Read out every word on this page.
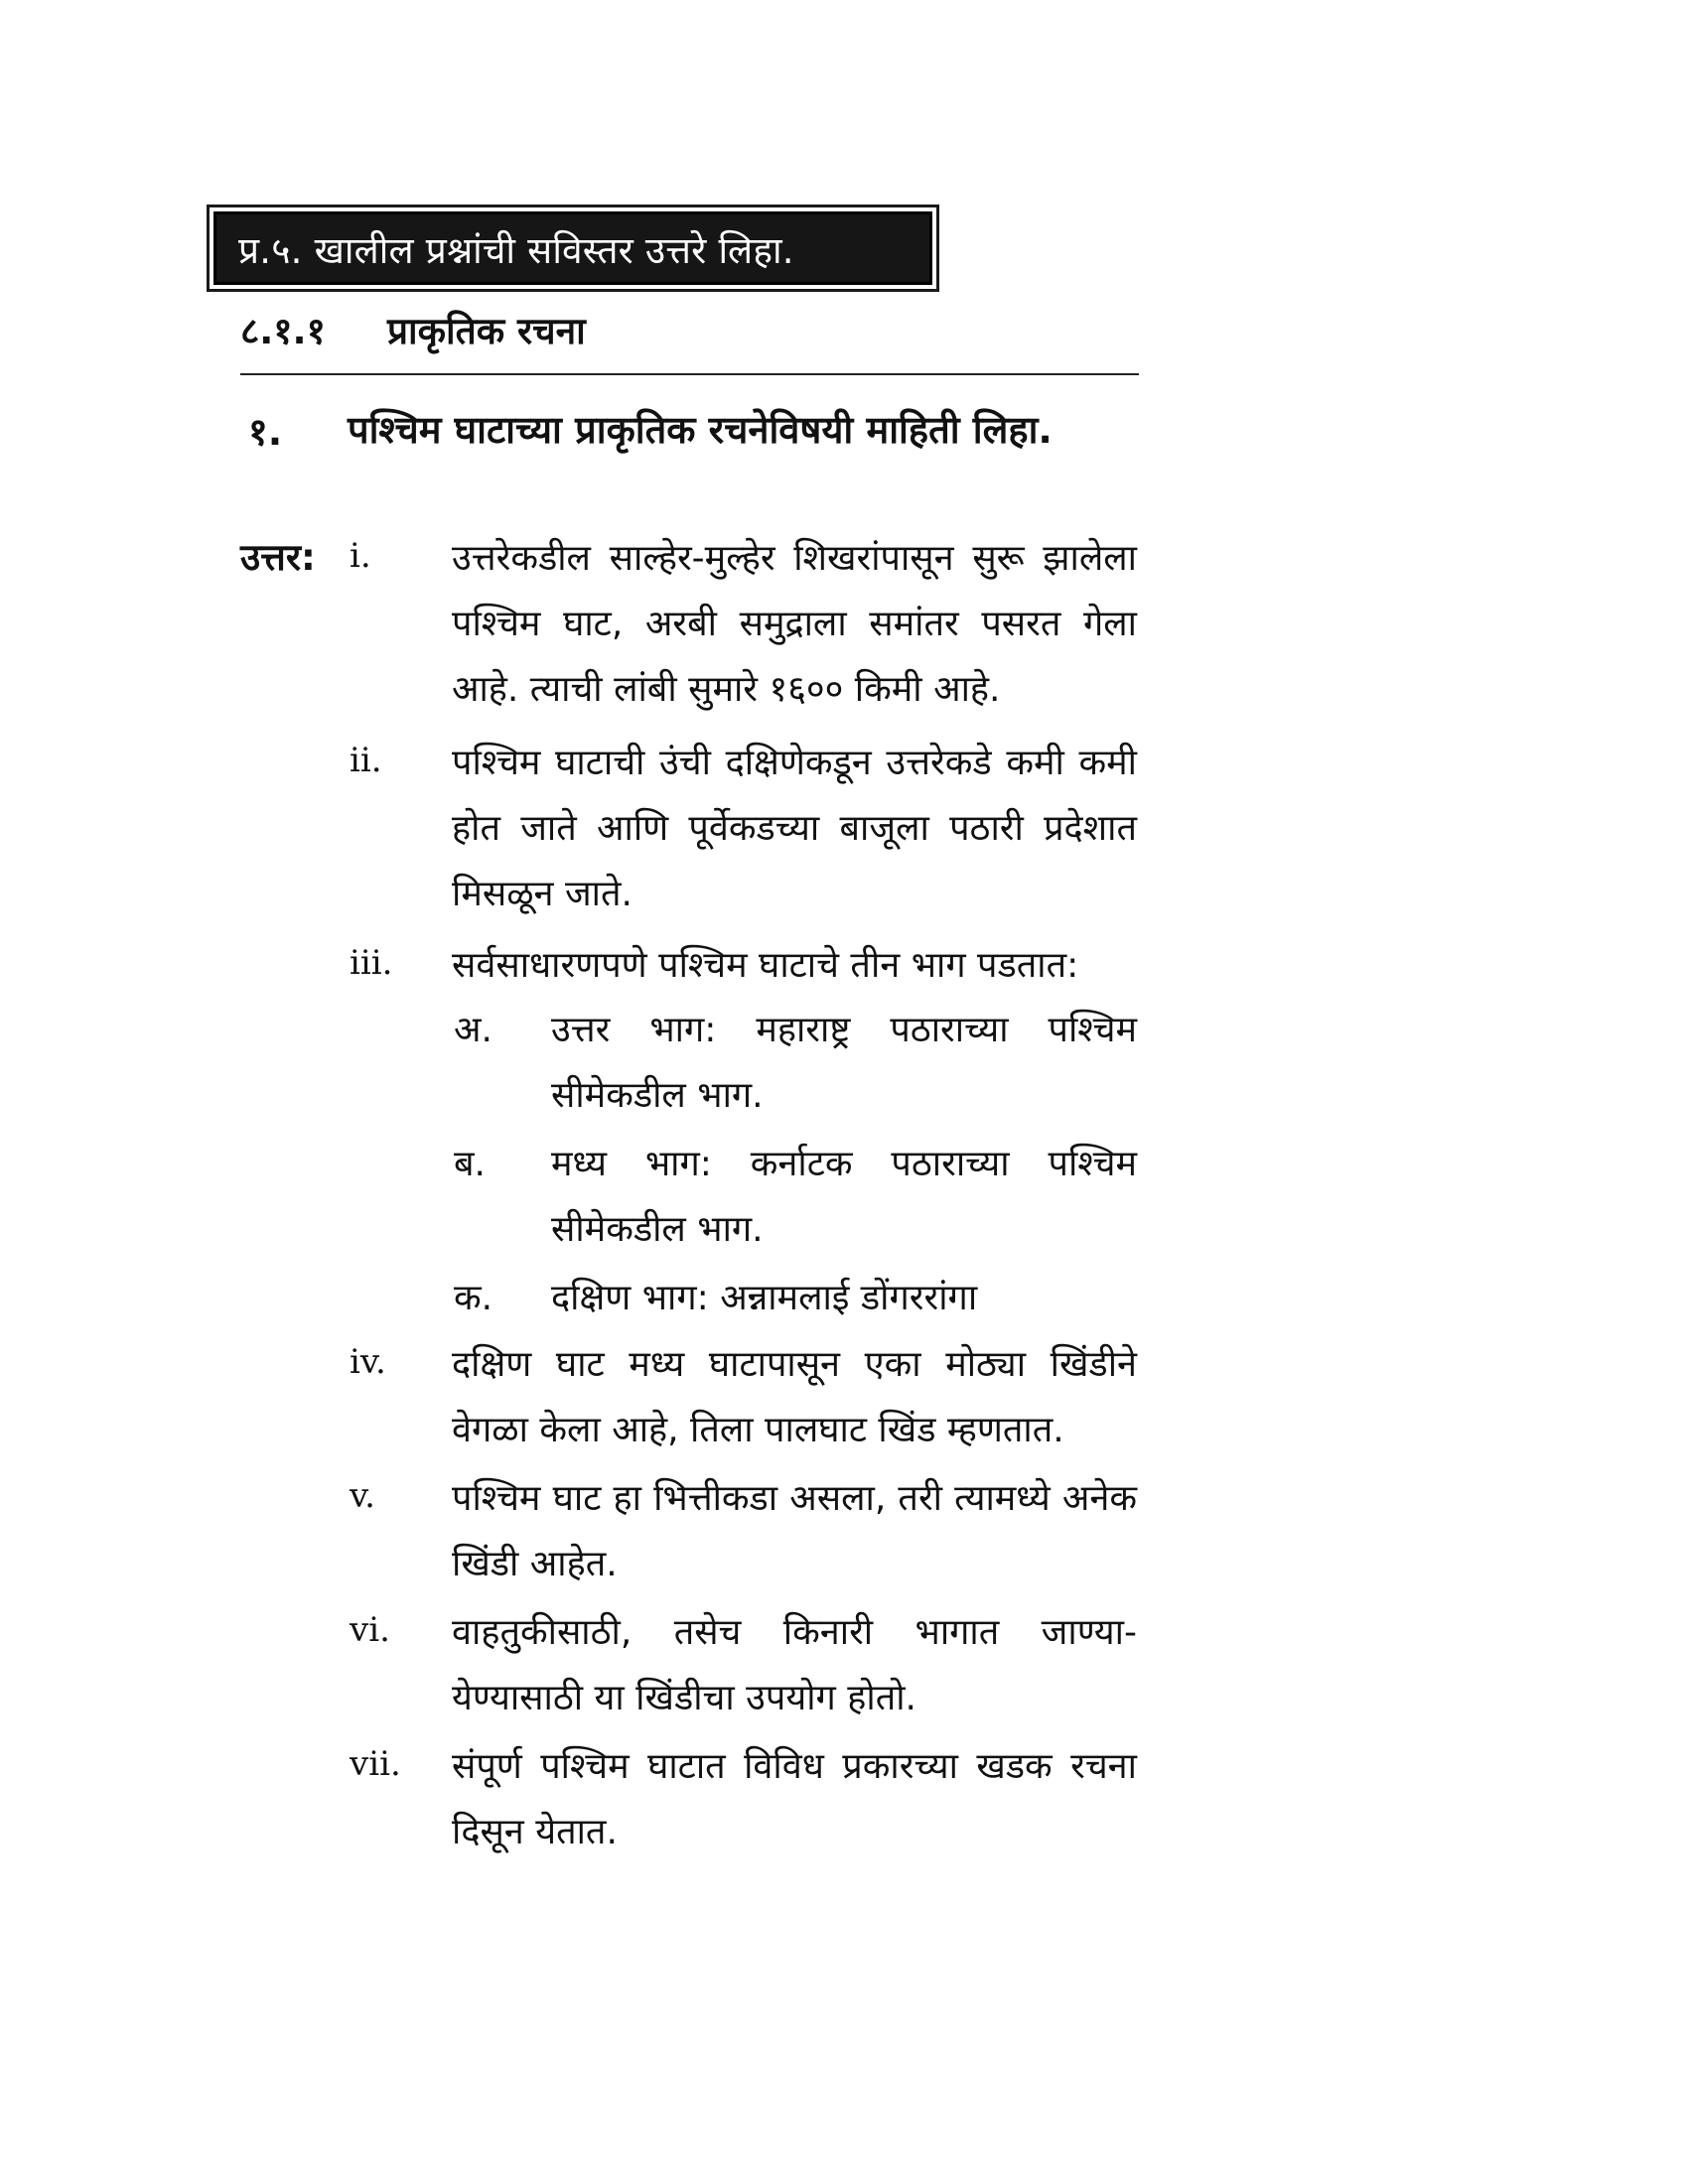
प्र.५. खालील प्रश्नांची सविस्तर उत्तरे लिहा.
८.१.१ प्राकृतिक रचना
१. पश्चिम घाटाच्या प्राकृतिक रचनेविषयी माहिती लिहा.
उत्तर: i. उत्तरेकडील साल्हेर-मुल्हेर शिखरांपासून सुरू झालेला पश्चिम घाट, अरबी समुद्राला समांतर पसरत गेला आहे. त्याची लांबी सुमारे १६०० किमी आहे.
ii. पश्चिम घाटाची उंची दक्षिणेकडून उत्तरेकडे कमी कमी होत जाते आणि पूर्वेकडच्या बाजूला पठारी प्रदेशात मिसळून जाते.
iii. सर्वसाधारणपणे पश्चिम घाटाचे तीन भाग पडतात:
अ. उत्तर भाग: महाराष्ट्र पठाराच्या पश्चिम सीमेकडील भाग.
ब. मध्य भाग: कर्नाटक पठाराच्या पश्चिम सीमेकडील भाग.
क. दक्षिण भाग: अन्नामलाई डोंगररांगा
iv. दक्षिण घाट मध्य घाटापासून एका मोठ्या खिंडीने वेगळा केला आहे, तिला पालघाट खिंड म्हणतात.
v. पश्चिम घाट हा भित्तीकडा असला, तरी त्यामध्ये अनेक खिंडी आहेत.
vi. वाहतुकीसाठी, तसेच किनारी भागात जाण्या-येण्यासाठी या खिंडीचा उपयोग होतो.
vii. संपूर्ण पश्चिम घाटात विविध प्रकारच्या खडक रचना दिसून येतात.
